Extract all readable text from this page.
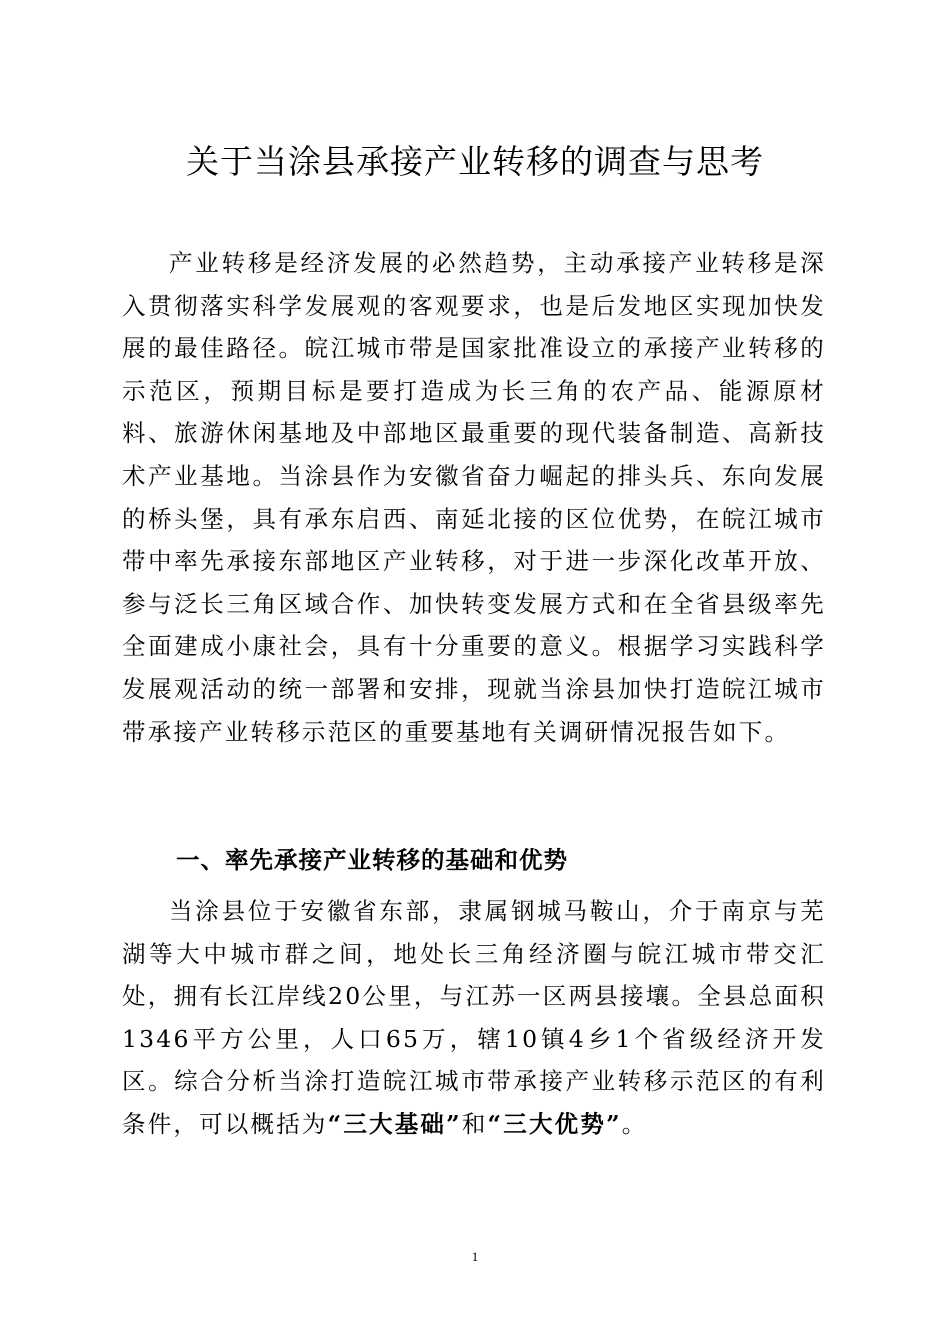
关于当涂县承接产业转移的调查与思考
产业转移是经济发展的必然趋势，主动承接产业转移是深入贯彻落实科学发展观的客观要求，也是后发地区实现加快发展的最佳路径。皖江城市带是国家批准设立的承接产业转移的示范区，预期目标是要打造成为长三角的农产品、能源原材料、旅游休闲基地及中部地区最重要的现代装备制造、高新技术产业基地。当涂县作为安徽省奋力崛起的排头兵、东向发展的桥头堡，具有承东启西、南延北接的区位优势，在皖江城市带中率先承接东部地区产业转移，对于进一步深化改革开放、参与泛长三角区域合作、加快转变发展方式和在全省县级率先全面建成小康社会，具有十分重要的意义。根据学习实践科学发展观活动的统一部署和安排，现就当涂县加快打造皖江城市带承接产业转移示范区的重要基地有关调研情况报告如下。
一、率先承接产业转移的基础和优势
当涂县位于安徽省东部，隶属钢城马鞍山，介于南京与芜湖等大中城市群之间，地处长三角经济圈与皖江城市带交汇处，拥有长江岸线20公里，与江苏一区两县接壤。全县总面积1346平方公里，人口65万，辖10镇4乡1个省级经济开发区。综合分析当涂打造皖江城市带承接产业转移示范区的有利条件，可以概括为“三大基础”和“三大优势”。
1
